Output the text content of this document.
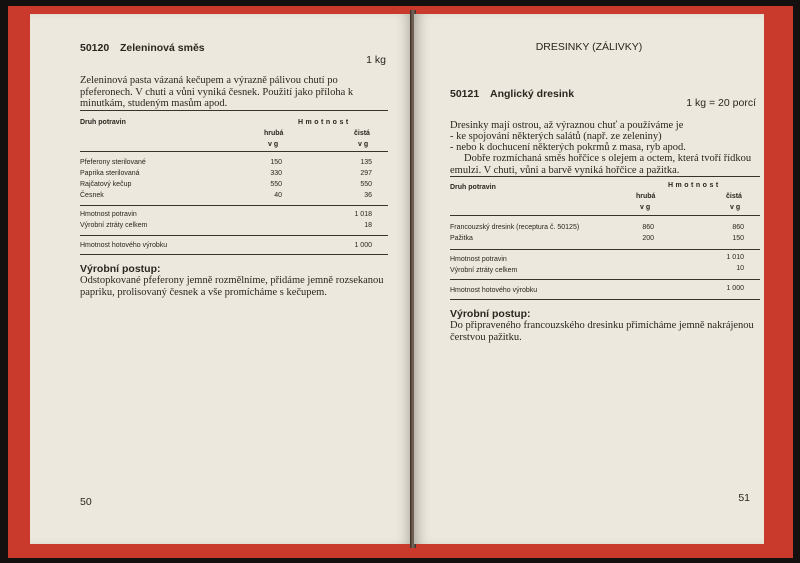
50120 Zeleninová směs
1 kg
Zeleninová pasta vázaná kečupem a výrazně pálivou chutí po pfeferonech. V chuti a vůni vyniká česnek. Použití jako příloha k minutkám, studeným masům apod.
Druh potravin	Hmotnost
hrubá	čistá
v g	v g
Pfeferony sterilované	150	135
Paprika sterilovaná	330	297
Rajčatový kečup	550	550
Česnek	40	36
Hmotnost potravin	1 018
Výrobní ztráty celkem	18
Hmotnost hotového výrobku	1 000
Výrobní postup:
Odstopkované pfeferony jemně rozmělníme, přidáme jemně rozsekanou papriku, prolisovaný česnek a vše promícháme s kečupem.
50
DRESINKY (ZÁLIVKY)
50121 Anglický dresink
1 kg = 20 porcí
Dresinky mají ostrou, až výraznou chuť a používáme je
- ke spojování některých salátů (např. ze zeleniny)
- nebo k dochucení některých pokrmů z masa, ryb apod.
Dobře rozmíchaná směs hořčice s olejem a octem, která tvoří řídkou emulzi. V chuti, vůni a barvě vyniká hořčice a pažitka.
Druh potravin	Hmotnost
hrubá	čistá
v g	v g
Francouzský dresink (receptura č. 50125)	860	860
Pažitka	200	150
Hmotnost potravin	1 010
Výrobní ztráty celkem	10
Hmotnost hotového výrobku	1 000
Výrobní postup:
Do připraveného francouzského dresinku přimícháme jemně nakrájenou čerstvou pažitku.
51
